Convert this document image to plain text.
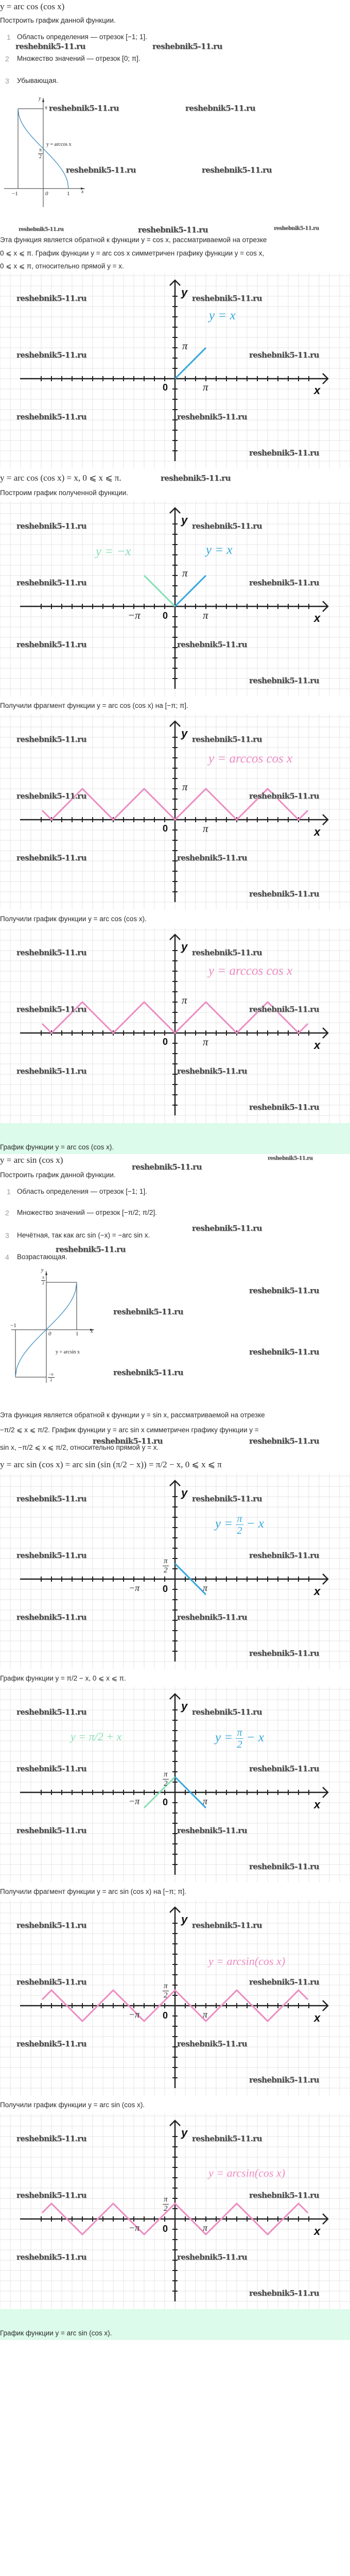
y = arc cos (cos x)
Построить график данной функции.
1 Область определения — отрезок [−1; 1].
2 Множество значений — отрезок [0; π].
3 Убывающая.
y
π
y = arccos x
$\frac{\pi}{2}$
−1	0	1 x
Эта функция является обратной к функции y = cos x, рассматриваемой на отрезке
0 ⩽ x ⩽ π. График функции y = arc cos x симметричен графику функции y = cos x,
0 ⩽ x ⩽ π, относительно прямой y = x.
reshebnik5-11.ru	reshebnik5-11.ru
reshebnik5-11.ru	reshebnik5-11.ru
reshebnik5-11.ru	reshebnik5-11.ru
reshebnik5-11.ru	reshebnik5-11.ru	reshebnik5-11.ru
y = x
y
π
π
0	x
reshebnik5-11.ru	reshebnik5-11.ru
reshebnik5-11.ru	reshebnik5-11.ru
reshebnik5-11.ru	reshebnik5-11.ru
reshebnik5-11.ru
y = arc cos (cos x) = x, 0 ⩽ x ⩽ π.	reshebnik5-11.ru
Построим график полученной функции.
y = −x	y = x
y
π
−π	π
0	x
reshebnik5-11.ru	reshebnik5-11.ru
reshebnik5-11.ru	reshebnik5-11.ru
reshebnik5-11.ru	reshebnik5-11.ru
reshebnik5-11.ru
Получили фрагмент функции y = arc cos (cos x) на [−π; π].
y = arccos cos x
y
π
π
0	x
reshebnik5-11.ru	reshebnik5-11.ru
reshebnik5-11.ru	reshebnik5-11.ru
reshebnik5-11.ru	reshebnik5-11.ru
reshebnik5-11.ru
Получили график функции y = arc cos (cos x).
y = arccos cos x
y
π
π
0	x
reshebnik5-11.ru	reshebnik5-11.ru
reshebnik5-11.ru	reshebnik5-11.ru
reshebnik5-11.ru	reshebnik5-11.ru
reshebnik5-11.ru
График функции y = arc cos (cos x).
y = arc sin (cos x)
Построить график данной функции.
1 Область определения — отрезок [−1; 1].
2 Множество значений — отрезок [−π/2; π/2].
3 Нечётная, так как arc sin (−x) = −arc sin x.
4 Возрастающая.
y
$\frac{\pi}{2}$
−1
0	1 x
y = arcsin x
$\frac{-\pi}{2}$
Эта функция является обратной к функции y = sin x, рассматриваемой на отрезке
−π/2 ⩽ x ⩽ π/2. График функции y = arc sin x симметричен графику функции y =
sin x, −π/2 ⩽ x ⩽ π/2, относительно прямой y = x.
y = arc sin (cos x) = arc sin (sin (π/2 − x)) = π/2 − x, 0 ⩽ x ⩽ π
reshebnik5-11.ru
reshebnik5-11.ru
reshebnik5-11.ru
reshebnik5-11.ru
reshebnik5-11.ru
reshebnik5-11.ru
reshebnik5-11.ru
reshebnik5-11.ru
reshebnik5-11.ru	reshebnik5-11.ru
$y = \frac{\pi}{2} - x$
y
$\frac{\pi}{2}$
−π	π
0	x
reshebnik5-11.ru	reshebnik5-11.ru
reshebnik5-11.ru	reshebnik5-11.ru
reshebnik5-11.ru	reshebnik5-11.ru
reshebnik5-11.ru
График функции y = π/2 − x, 0 ⩽ x ⩽ π.
y = π/2 + x	$y = \frac{\pi}{2} - x$
y
$\frac{\pi}{2}$
−π	π
0	x
reshebnik5-11.ru	reshebnik5-11.ru
reshebnik5-11.ru	reshebnik5-11.ru
reshebnik5-11.ru	reshebnik5-11.ru
reshebnik5-11.ru
Получили фрагмент функции y = arc sin (cos x) на [−π; π].
y = arcsin(cos x)
y
$\frac{\pi}{2}$
−π	π
0	x
reshebnik5-11.ru	reshebnik5-11.ru
reshebnik5-11.ru	reshebnik5-11.ru
reshebnik5-11.ru	reshebnik5-11.ru
reshebnik5-11.ru
Получили график функции y = arc sin (cos x).
y = arcsin(cos x)
y
$\frac{\pi}{2}$
−π	π
0	x
reshebnik5-11.ru	reshebnik5-11.ru
reshebnik5-11.ru	reshebnik5-11.ru
reshebnik5-11.ru	reshebnik5-11.ru
reshebnik5-11.ru
График функции y = arc sin (cos x).
